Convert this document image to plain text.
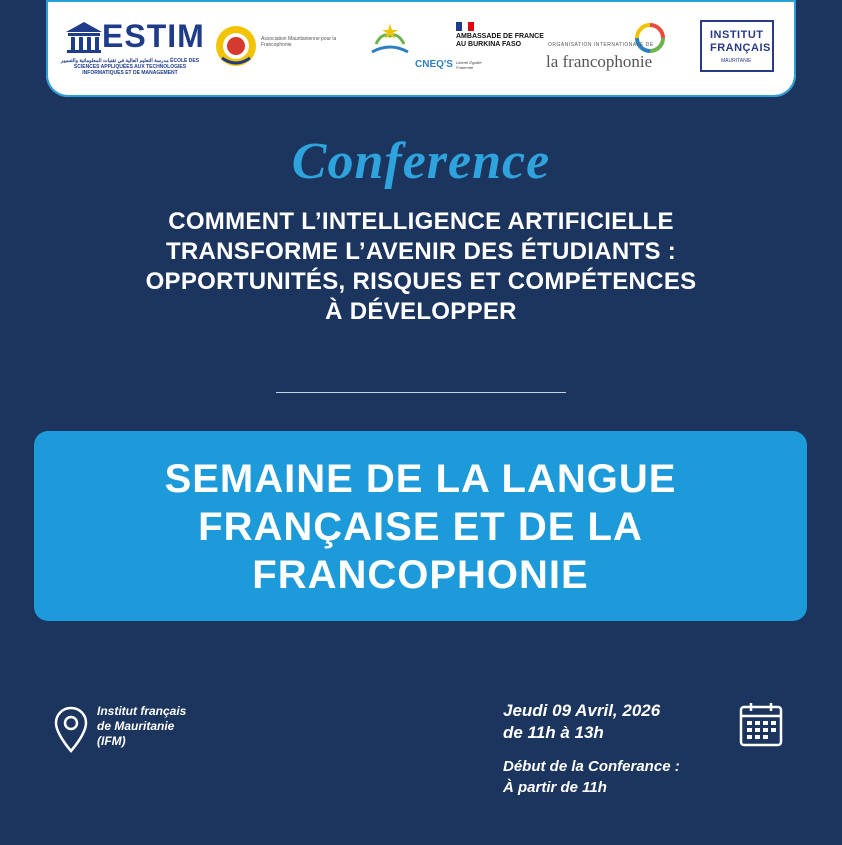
ESTIM
مدرسة التعليم العالية في تقنيات المعلوماتية والتسيير ÉCOLE DES SCIENCES APPLIQUÉES AUX TECHNOLOGIES INFORMATIQUES ET DE MANAGEMENT
Association Mauritanienne pour la Francophonie
CNEQ'S
AMBASSADE DE FRANCE AU BURKINA FASO
Liberté Égalité Fraternité
ORGANISATION INTERNATIONALE DE
la francophonie
INSTITUT
FRANÇAIS
MAURITANIE
Conference
COMMENT L’INTELLIGENCE ARTIFICIELLE
TRANSFORME L’AVENIR DES ÉTUDIANTS :
OPPORTUNITÉS, RISQUES ET COMPÉTENCES
À DÉVELOPPER
SEMAINE DE LA LANGUE
FRANÇAISE ET DE LA
FRANCOPHONIE
Institut français
de Mauritanie
(IFM)
Jeudi 09 Avril, 2026
de 11h à 13h
Début de la Conferance :
À partir de 11h
